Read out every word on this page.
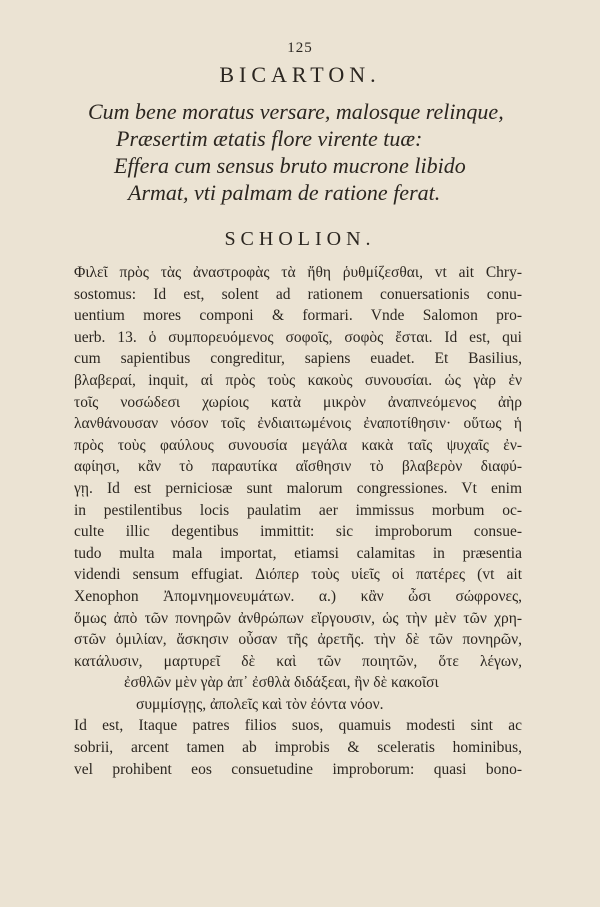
125
BICARTON.
Cum bene moratus versare, malosque relinque,
Præsertim ætatis flore virente tuæ:
Effera cum sensus bruto mucrone libido
Armat, vti palmam de ratione ferat.
SCHOLION.
Φιλεῖ πρὸς τὰς ἀναστροφὰς τὰ ἤθη ῥυθμίζεσθαι, vt ait Chry-
sostomus: Id est, solent ad rationem conuersationis conu-
uentium mores componi & formari. Vnde Salomon pro-
uerb. 13. ὁ συμπορευόμενος σοφοῖς, σοφὸς ἔσται. Id est, qui
cum sapientibus congreditur, sapiens euadet. Et Basilius,
βλαβεραί, inquit, αἱ πρὸς τοὺς κακοὺς συνουσίαι. ὡς γὰρ ἐν
τοῖς νοσώδεσι χωρίοις κατὰ μικρὸν ἀναπνεόμενος ἀὴρ
λανθάνουσαν νόσον τοῖς ἐνδιαιτωμένοις ἐναποτίθησιν· οὕτως ἡ
πρὸς τοὺς φαύλους συνουσία μεγάλα κακὰ ταῖς ψυχαῖς ἐν-
αφίησι, κἂν τὸ παραυτίκα αἴσθησιν τὸ βλαβερὸν διαφύ-
γῃ. Id est perniciosæ sunt malorum congressiones. Vt enim
in pestilentibus locis paulatim aer immissus morbum oc-
culte illic degentibus immittit: sic improborum consue-
tudo multa mala importat, etiamsi calamitas in præsentia
videndi sensum effugiat. Διόπερ τοὺς υἱεῖς οἱ πατέρες (vt ait
Xenophon Ἀπομνημονευμάτων. α.) κἂν ὦσι σώφρονες,
ὅμως ἀπὸ τῶν πονηρῶν ἀνθρώπων εἴργουσιν, ὡς τὴν μὲν τῶν χρη-
στῶν ὁμιλίαν, ἄσκησιν οὖσαν τῆς ἀρετῆς. τὴν δὲ τῶν πονηρῶν,
κατάλυσιν, μαρτυρεῖ δὲ καὶ τῶν ποιητῶν, ὅτε λέγων,
ἐσθλῶν μὲν γὰρ ἀπ᾽ ἐσθλὰ διδάξεαι, ἢν δὲ κακοῖσι
συμμίσγῃς, ἀπολεῖς καὶ τὸν ἐόντα νόον.
Id est, Itaque patres filios suos, quamuis modesti sint ac
sobrii, arcent tamen ab improbis & sceleratis hominibus,
vel prohibent eos consuetudine improborum: quasi bono-
